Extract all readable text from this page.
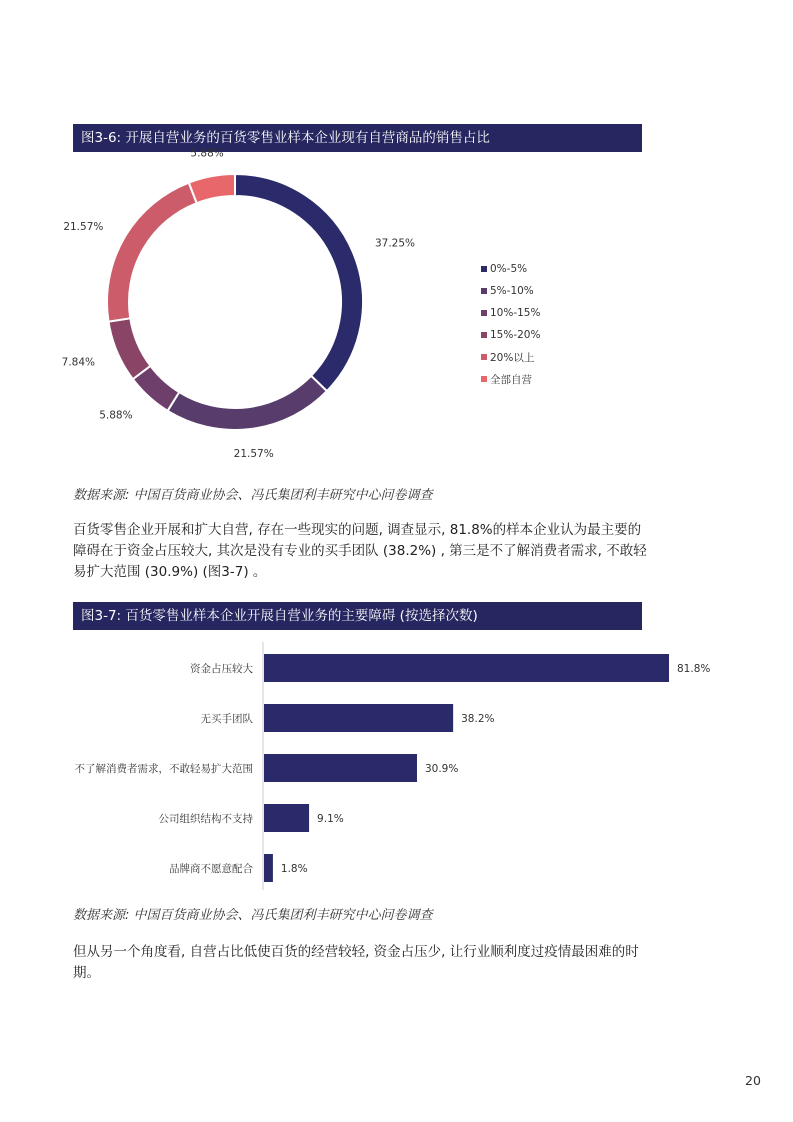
图3-6: 开展自营业务的百货零售业样本企业现有自营商品的销售占比
37.25%
21.57%
5.88%
7.84%
21.57%
5.88%
0%-5%
5%-10%
10%-15%
15%-20%
20%以上
全部自营
数据来源: 中国百货商业协会、冯氏集团利丰研究中心问卷调查
百货零售企业开展和扩大自营, 存在一些现实的问题, 调查显示, 81.8%的样本企业认为最主要的障碍在于资金占压较大, 其次是没有专业的买手团队 (38.2%) , 第三是不了解消费者需求, 不敢轻易扩大范围 (30.9%) (图3-7) 。
图3-7: 百货零售业样本企业开展自营业务的主要障碍 (按选择次数)
资金占压较大	81.8%
无买手团队	38.2%
不了解消费者需求，不敢轻易扩大范围	30.9%
公司组织结构不支持	9.1%
品牌商不愿意配合	1.8%
数据来源: 中国百货商业协会、冯氏集团利丰研究中心问卷调查
但从另一个角度看, 自营占比低使百货的经营较轻, 资金占压少, 让行业顺利度过疫情最困难的时期。
20
